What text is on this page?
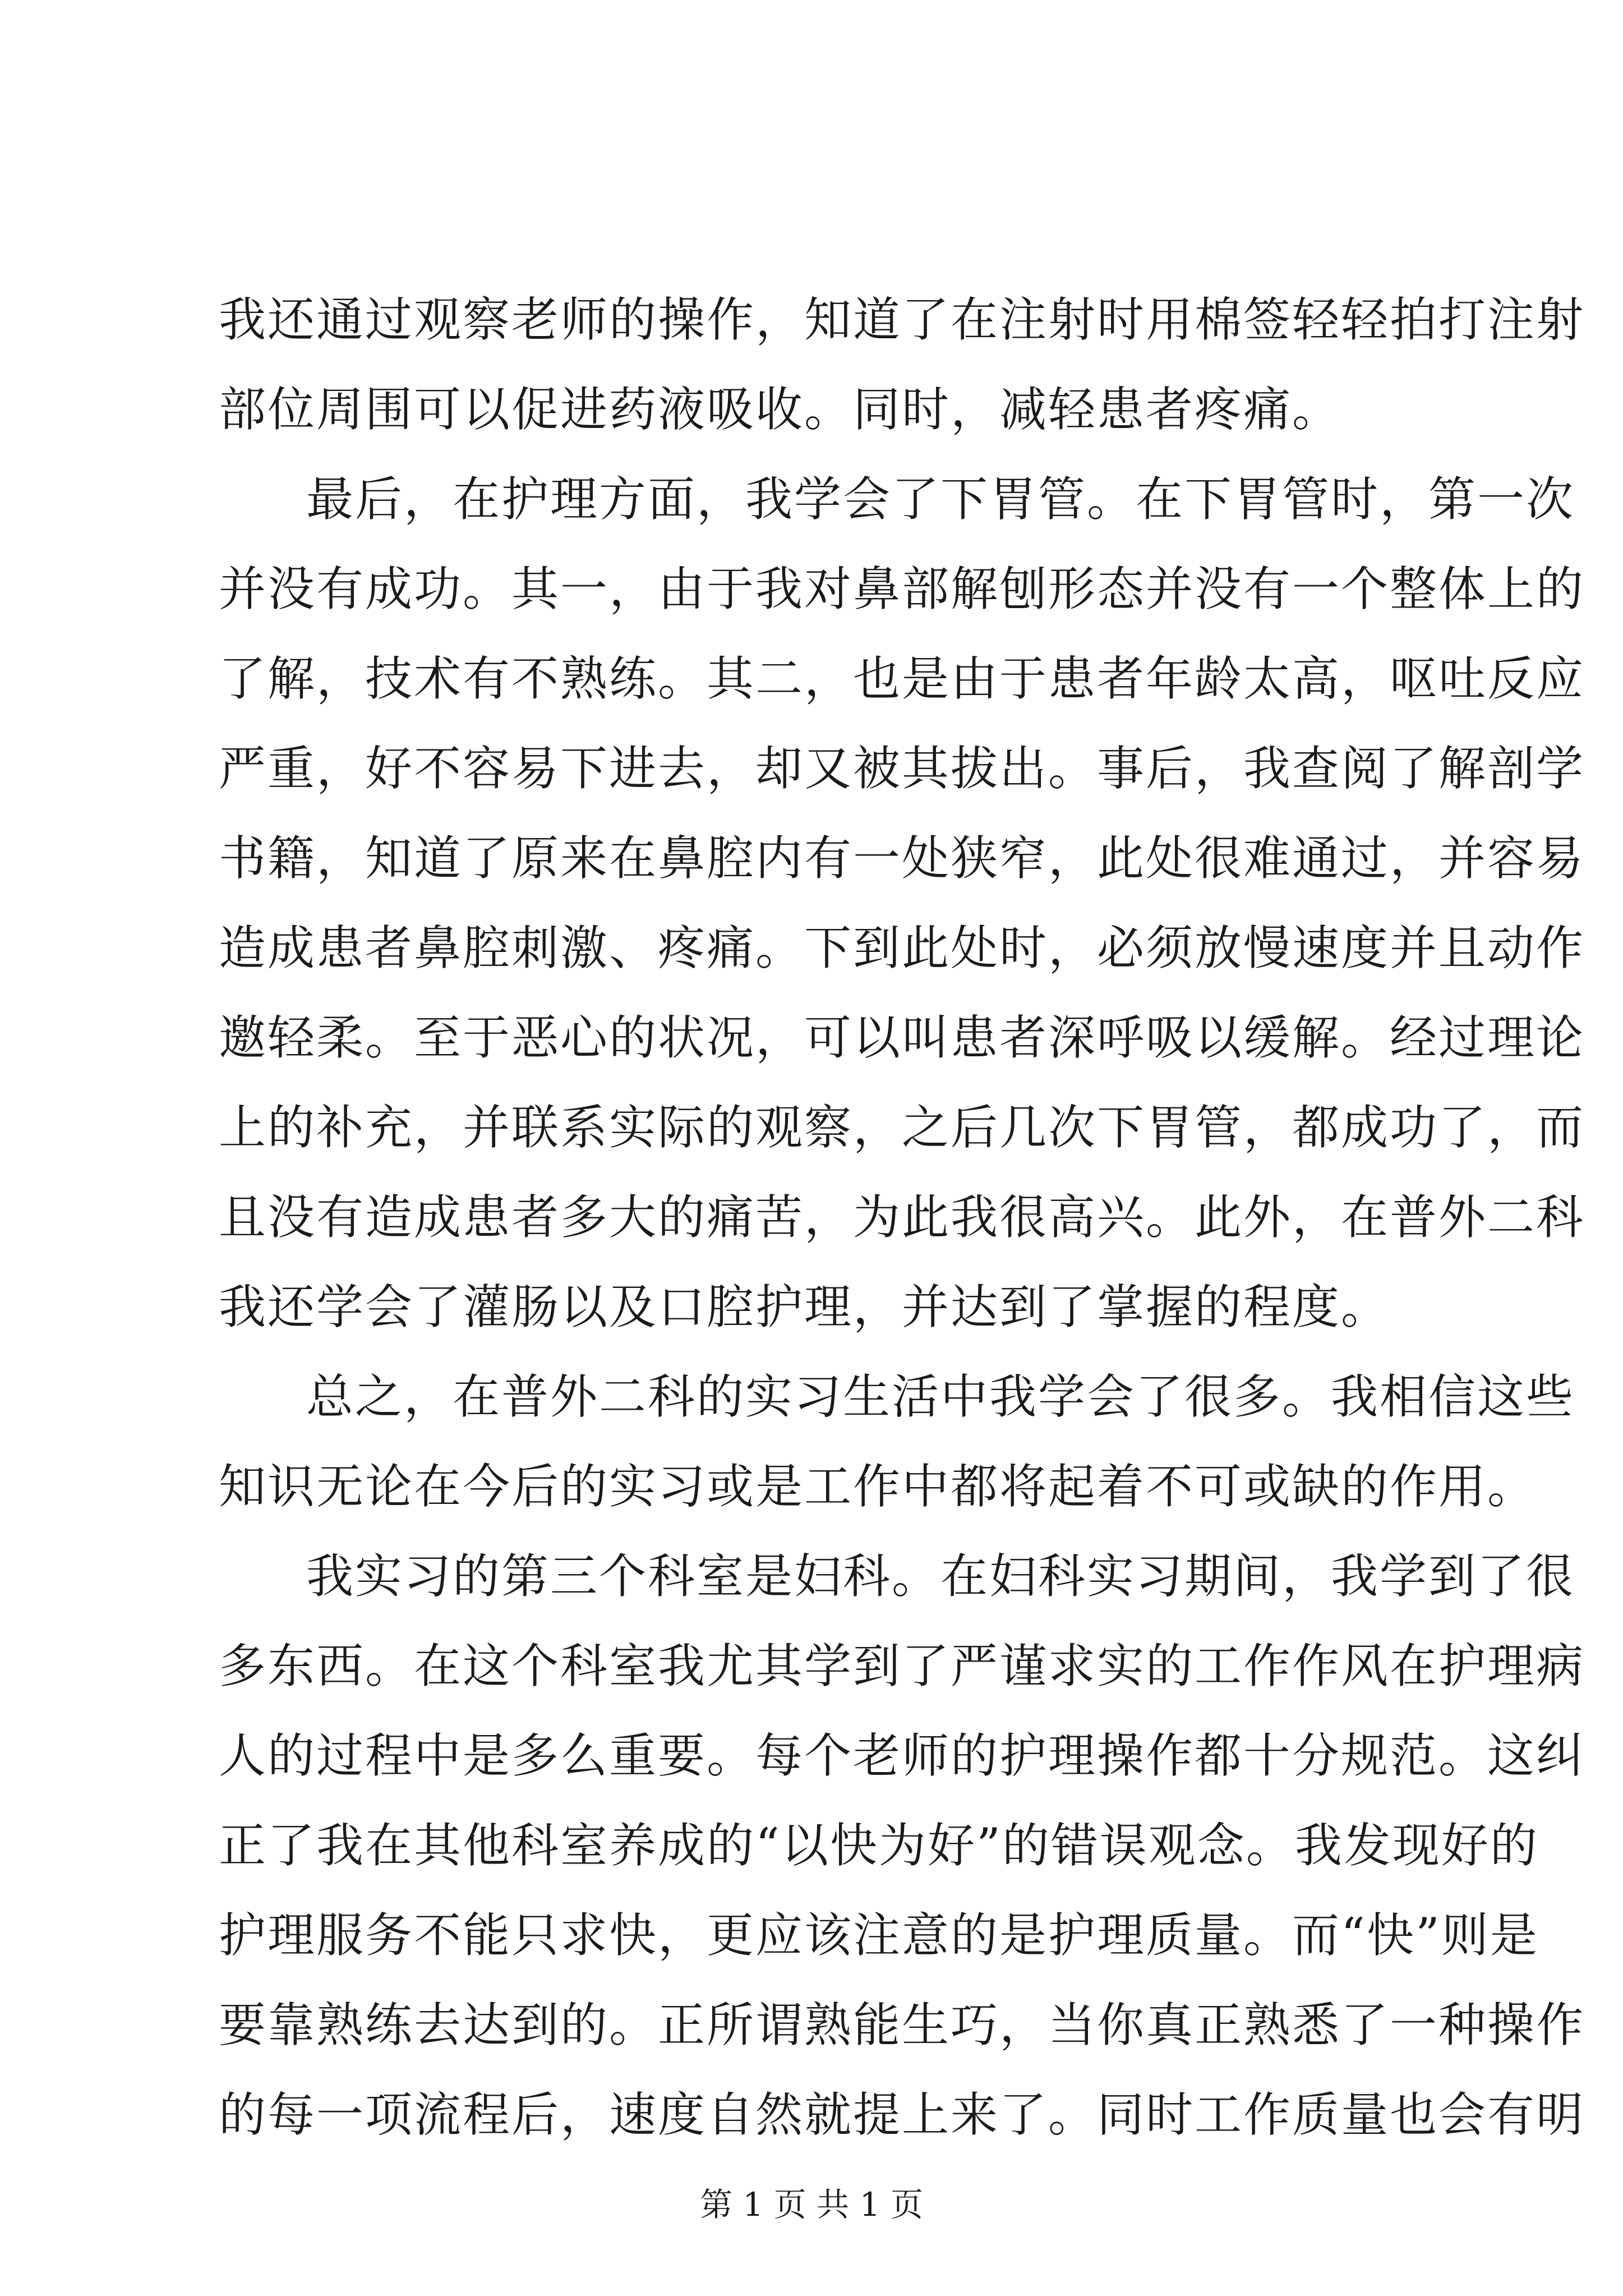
我还通过观察老师的操作，知道了在注射时用棉签轻轻拍打注射
部位周围可以促进药液吸收。同时，减轻患者疼痛。
最后，在护理方面，我学会了下胃管。在下胃管时，第一次
并没有成功。其一，由于我对鼻部解刨形态并没有一个整体上的
了解，技术有不熟练。其二，也是由于患者年龄太高，呕吐反应
严重，好不容易下进去，却又被其拔出。事后，我查阅了解剖学
书籍，知道了原来在鼻腔内有一处狭窄，此处很难通过，并容易
造成患者鼻腔刺激、疼痛。下到此处时，必须放慢速度并且动作
邀轻柔。至于恶心的状况，可以叫患者深呼吸以缓解。经过理论
上的补充，并联系实际的观察，之后几次下胃管，都成功了，而
且没有造成患者多大的痛苦，为此我很高兴。此外，在普外二科
我还学会了灌肠以及口腔护理，并达到了掌握的程度。
总之，在普外二科的实习生活中我学会了很多。我相信这些
知识无论在今后的实习或是工作中都将起着不可或缺的作用。
我实习的第三个科室是妇科。在妇科实习期间，我学到了很
多东西。在这个科室我尤其学到了严谨求实的工作作风在护理病
人的过程中是多么重要。每个老师的护理操作都十分规范。这纠
正了我在其他科室养成的“以快为好”的错误观念。我发现好的
护理服务不能只求快，更应该注意的是护理质量。而“快”则是
要靠熟练去达到的。正所谓熟能生巧，当你真正熟悉了一种操作
的每一项流程后，速度自然就提上来了。同时工作质量也会有明
第 1 页 共 1 页
